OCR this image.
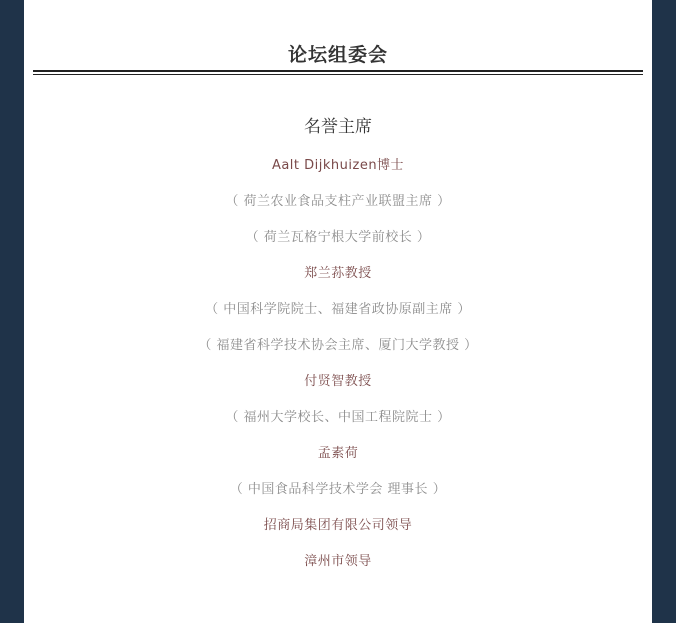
论坛组委会
名誉主席
Aalt Dijkhuizen博士
（ 荷兰农业食品支柱产业联盟主席 ）
（ 荷兰瓦格宁根大学前校长 ）
郑兰荪教授
（ 中国科学院院士、福建省政协原副主席 ）
（ 福建省科学技术协会主席、厦门大学教授 ）
付贤智教授
（ 福州大学校长、中国工程院院士 ）
孟素荷
（ 中国食品科学技术学会 理事长 ）
招商局集团有限公司领导
漳州市领导
